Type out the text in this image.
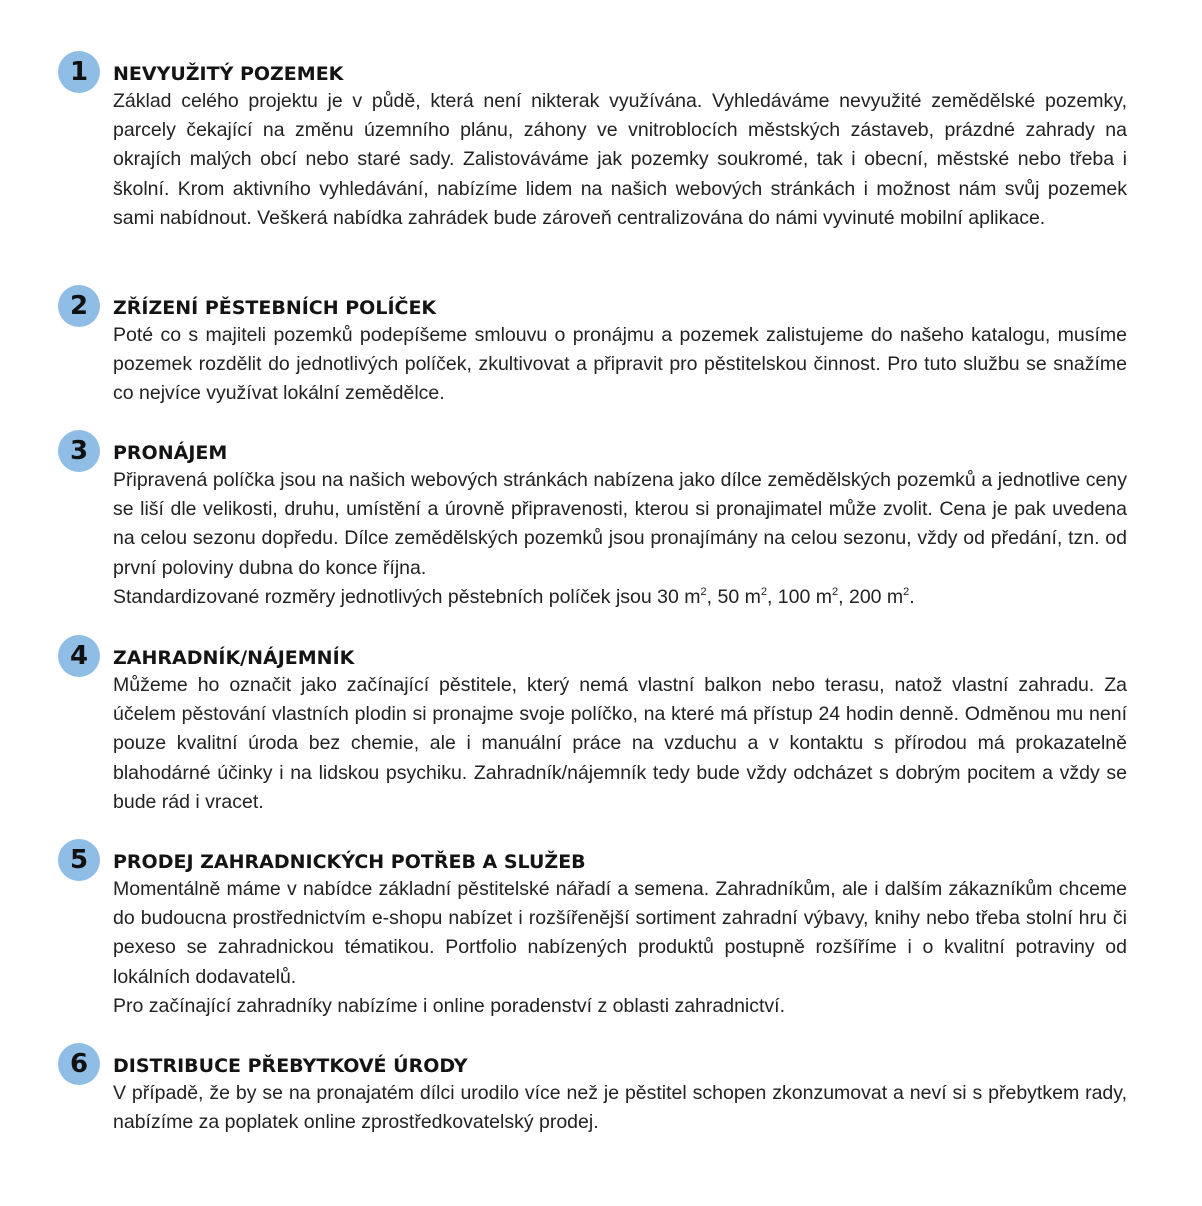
1	NEVYUŽITÝ POZEMEK

Základ celého projektu je v půdě, která není nikterak využívána. Vyhledáváme nevyužité zemědělské pozemky, parcely čekající na změnu územního plánu, záhony ve vnitroblocích městských zástaveb, prázdné zahrady na okrajích malých obcí nebo staré sady. Zalistováváme jak pozemky soukromé, tak i obecní, městské nebo třeba i školní. Krom aktivního vyhledávání, nabízíme lidem na našich webových stránkách i možnost nám svůj pozemek sami nabídnout. Veškerá nabídka zahrádek bude zároveň centralizována do námi vyvinuté mobilní aplikace.

2	ZŘÍZENÍ PĚSTEBNÍCH POLÍČEK

Poté co s majiteli pozemků podepíšeme smlouvu o pronájmu a pozemek zalistujeme do našeho katalogu, musíme pozemek rozdělit do jednotlivých políček, zkultivovat a připravit pro pěstitelskou činnost. Pro tuto službu se snažíme co nejvíce využívat lokální zemědělce.

3	PRONÁJEM

Připravená políčka jsou na našich webových stránkách nabízena jako dílce zemědělských pozemků a jednotlive ceny se liší dle velikosti, druhu, umístění a úrovně připravenosti, kterou si pronajimatel může zvolit. Cena je pak uvedena na celou sezonu dopředu. Dílce zemědělských pozemků jsou pronajímány na celou sezonu, vždy od předání, tzn. od první poloviny dubna do konce října.

Standardizované rozměry jednotlivých pěstebních políček jsou 30 $m^2$, 50 $m^2$, 100 $m^2$, 200 $m^2$.

4	ZAHRADNÍK/NÁJEMNÍK

Můžeme ho označit jako začínající pěstitele, který nemá vlastní balkon nebo terasu, natož vlastní zahradu. Za účelem pěstování vlastních plodin si pronajme svoje políčko, na které má přístup 24 hodin denně. Odměnou mu není pouze kvalitní úroda bez chemie, ale i manuální práce na vzduchu a v kontaktu s přírodou má prokazatelně blahodárné účinky i na lidskou psychiku. Zahradník/nájemník tedy bude vždy odcházet s dobrým pocitem a vždy se bude rád i vracet.

5	PRODEJ ZAHRADNICKÝCH POTŘEB A SLUŽEB

Momentálně máme v nabídce základní pěstitelské nářadí a semena. Zahradníkům, ale i dalším zákazníkům chceme do budoucna prostřednictvím e-shopu nabízet i rozšířenější sortiment zahradní výbavy, knihy nebo třeba stolní hru či pexeso se zahradnickou tématikou. Portfolio nabízených produktů postupně rozšíříme i o kvalitní potraviny od lokálních dodavatelů.

Pro začínající zahradníky nabízíme i online poradenství z oblasti zahradnictví.

6	DISTRIBUCE PŘEBYTKOVÉ ÚRODY

V případě, že by se na pronajatém dílci urodilo více než je pěstitel schopen zkonzumovat a neví si s přebytkem rady, nabízíme za poplatek online zprostředkovatelský prodej.
